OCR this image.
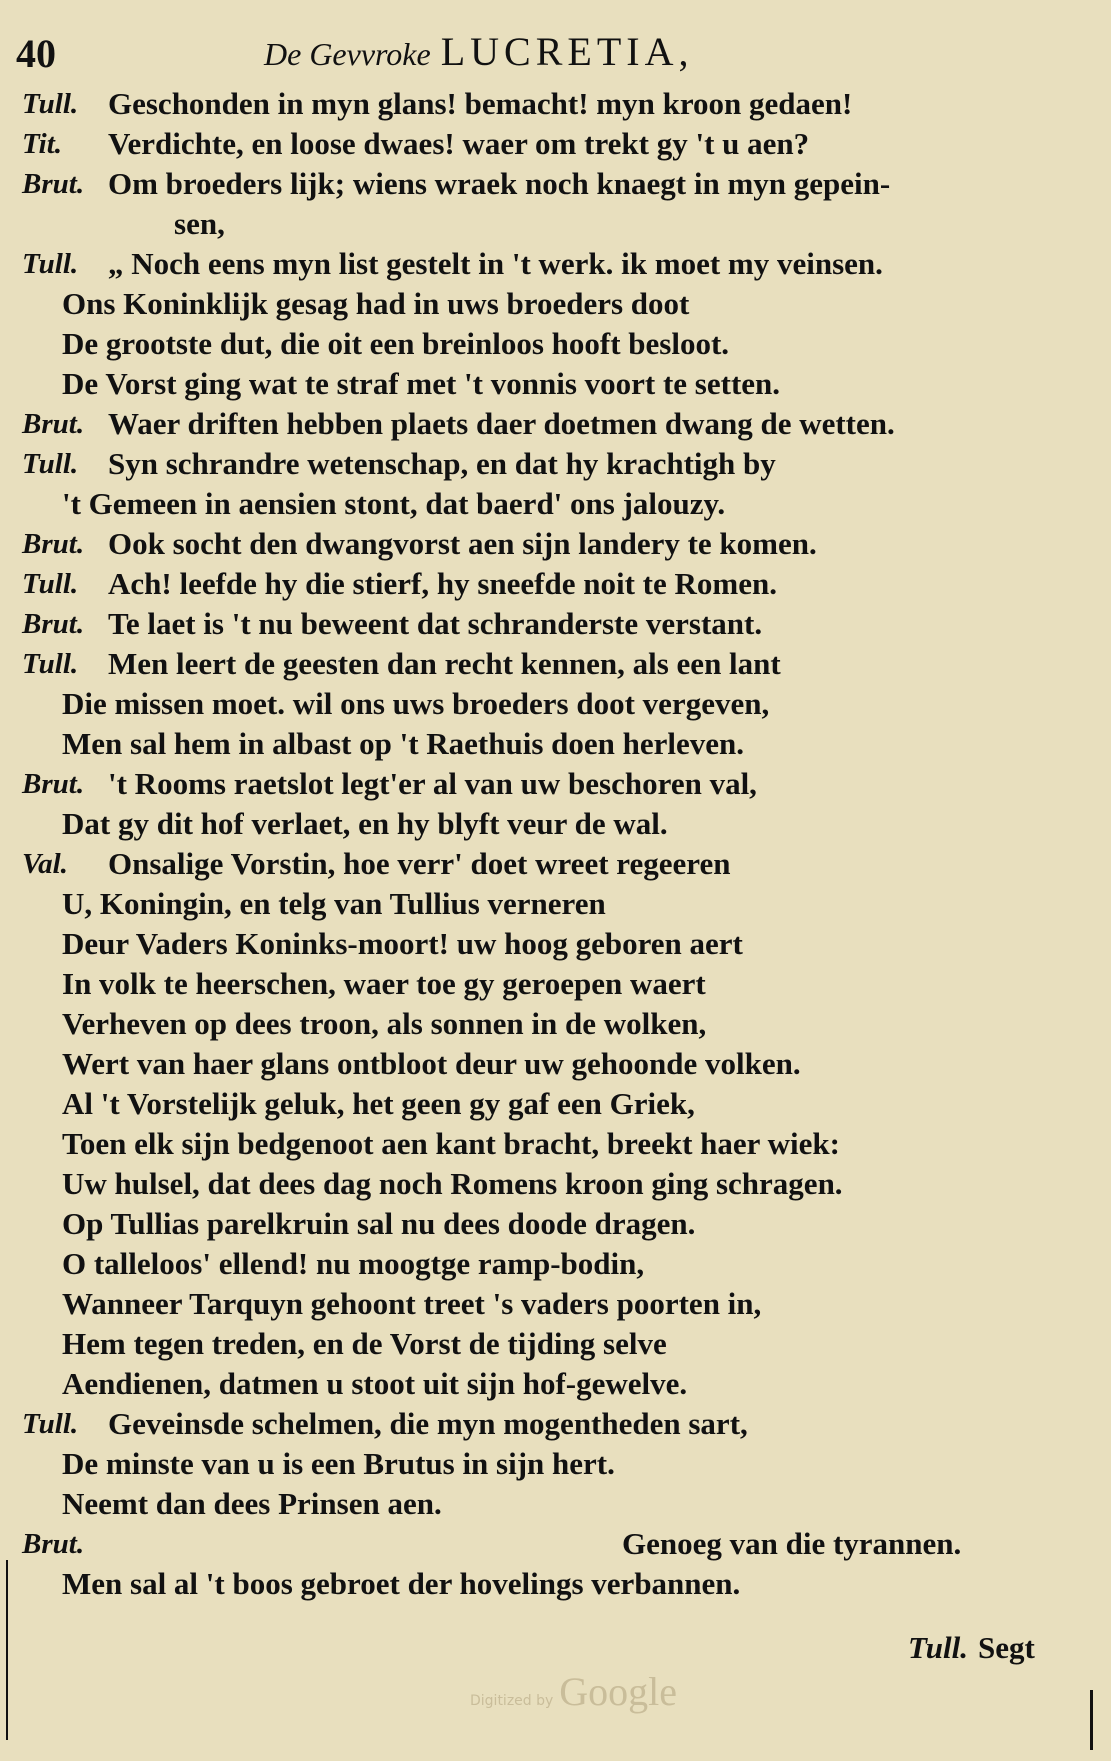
40	De Gevvroke LUCRETIA,
Tull. Geschonden in myn glans! bemacht! myn kroon gedaen!
Tit. Verdichte, en loose dwaes! waer om trekt gy 't u aen?
Brut. Om broeders lijk; wiens wraek noch knaegt in myn gepein-
sen,
Tull. „ Noch eens myn list gestelt in 't werk. ik moet my veinsen.
Ons Koninklijk gesag had in uws broeders doot
De grootste dut, die oit een breinloos hooft besloot.
De Vorst ging wat te straf met 't vonnis voort te setten.
Brut. Waer driften hebben plaets daer doetmen dwang de wetten.
Tull. Syn schrandre wetenschap, en dat hy krachtigh by
't Gemeen in aensien stont, dat baerd' ons jalouzy.
Brut. Ook socht den dwangvorst aen sijn landery te komen.
Tull. Ach! leefde hy die stierf, hy sneefde noit te Romen.
Brut. Te laet is 't nu beweent dat schranderste verstant.
Tull. Men leert de geesten dan recht kennen, als een lant
Die missen moet. wil ons uws broeders doot vergeven,
Men sal hem in albast op 't Raethuis doen herleven.
Brut. 't Rooms raetslot legt'er al van uw beschoren val,
Dat gy dit hof verlaet, en hy blyft veur de wal.
Val. Onsalige Vorstin, hoe verr' doet wreet regeeren
U, Koningin, en telg van Tullius verneren
Deur Vaders Koninks-moort! uw hoog geboren aert
In volk te heerschen, waer toe gy geroepen waert
Verheven op dees troon, als sonnen in de wolken,
Wert van haer glans ontbloot deur uw gehoonde volken.
Al 't Vorstelijk geluk, het geen gy gaf een Griek,
Toen elk sijn bedgenoot aen kant bracht, breekt haer wiek:
Uw hulsel, dat dees dag noch Romens kroon ging schragen.
Op Tullias parelkruin sal nu dees doode dragen.
O talleloos' ellend! nu moogtge ramp-bodin,
Wanneer Tarquyn gehoont treet 's vaders poorten in,
Hem tegen treden, en de Vorst de tijding selve
Aendienen, datmen u stoot uit sijn hof-gewelve.
Tull. Geveinsde schelmen, die myn mogentheden sart,
De minste van u is een Brutus in sijn hert.
Neemt dan dees Prinsen aen.
Brut.	Genoeg van die tyrannen.
Men sal al 't boos gebroet der hovelings verbannen.
Tull. Segt
Digitized by Google
